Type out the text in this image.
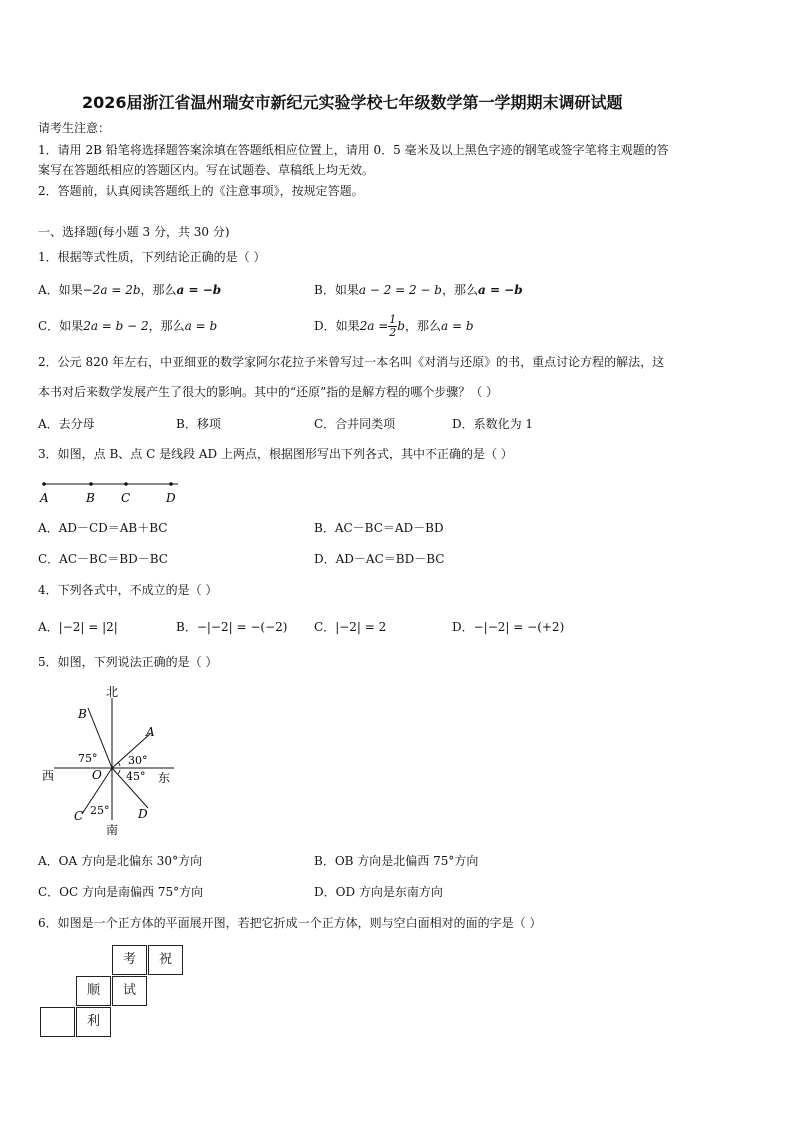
2026届浙江省温州瑞安市新纪元实验学校七年级数学第一学期期末调研试题
请考生注意：
1．请用 2B 铅笔将选择题答案涂填在答题纸相应位置上，请用 0．5 毫米及以上黑色字迹的钢笔或签字笔将主观题的答
案写在答题纸相应的答题区内。写在试题卷、草稿纸上均无效。
2．答题前，认真阅读答题纸上的《注意事项》，按规定答题。
一、选择题(每小题 3 分，共 30 分)
1．根据等式性质，下列结论正确的是（ ）
A．如果−2a = 2b，那么a = −b	B．如果a − 2 = 2 − b，那么a = −b
C．如果2a = b − 2，那么a = b	D．如果$2a = \frac{1}{2}$ b，那么a = b
2．公元 820 年左右，中亚细亚的数学家阿尔花拉子米曾写过一本名叫《对消与还原》的书，重点讨论方程的解法，这
本书对后来数学发展产生了很大的影响。其中的“还原”指的是解方程的哪个步骤？（ ）
A．去分母	B．移项	C．合并同类项	D．系数化为 1
3．如图，点 B、点 C 是线段 AD 上两点，根据图形写出下列各式，其中不正确的是（ ）
A	B C	D
A．AD－CD＝AB＋BC	B．AC－BC＝AD－BD
C．AC－BC＝BD－BC	D．AD－AC＝BD－BC
4．下列各式中，不成立的是（ ）
A．|−2| = |2|	B．−|−2| = −(−2) C．|−2| = 2	D．−|−2| = −(+2)
5．如图，下列说法正确的是（ ）
北
南
西	东
O
A
B
C	D
75°	30°
45°
25°
A．OA 方向是北偏东 30°方向	B．OB 方向是北偏西 75°方向
C．OC 方向是南偏西 75°方向	D．OD 方向是东南方向
6．如图是一个正方体的平面展开图，若把它折成一个正方体，则与空白面相对的面的字是（ ）
考	祝
顺	试
利
